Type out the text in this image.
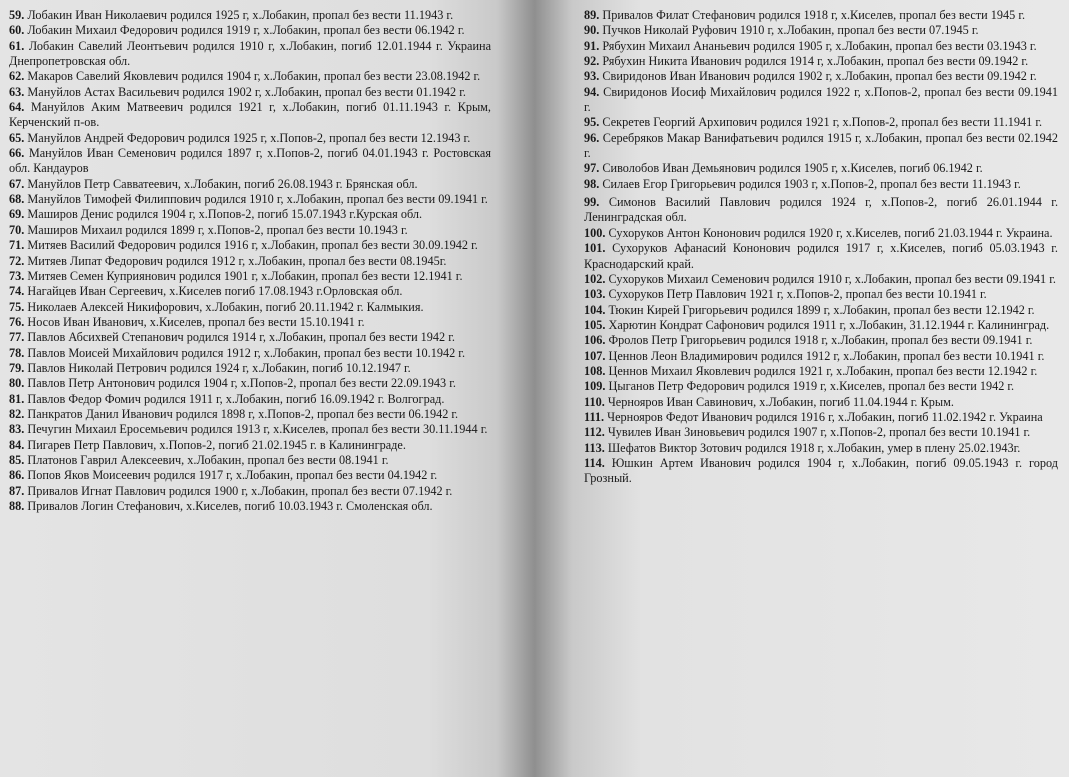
59. Лобакин Иван Николаевич родился 1925 г, х.Лобакин, пропал без вести 11.1943 г.
60. Лобакин Михаил Федорович родился 1919 г, х.Лобакин, пропал без вести 06.1942 г.
61. Лобакин Савелий Леонтьевич родился 1910 г, х.Лобакин, погиб 12.01.1944 г. Украина Днепропетровская обл.
62. Макаров Савелий Яковлевич родился 1904 г, х.Лобакин, пропал без вести 23.08.1942 г.
63. Мануйлов Астах Васильевич родился 1902 г, х.Лобакин, пропал без вести 01.1942 г.
64. Мануйлов Аким Матвеевич родился 1921 г, х.Лобакин, погиб 01.11.1943 г. Крым, Керченский п-ов.
65. Мануйлов Андрей Федорович родился 1925 г, х.Попов-2, пропал без вести 12.1943 г.
66. Мануйлов Иван Семенович родился 1897 г, х.Попов-2, погиб 04.01.1943 г. Ростовская обл. Кандауров
67. Мануйлов Петр Савватеевич, х.Лобакин, погиб 26.08.1943 г. Брянская обл.
68. Мануйлов Тимофей Филиппович родился 1910 г, х.Лобакин, пропал без вести 09.1941 г.
69. Маширов Денис родился 1904 г, х.Попов-2, погиб 15.07.1943 г.Курская обл.
70. Маширов Михаил родился 1899 г, х.Попов-2, пропал без вести 10.1943 г.
71. Митяев Василий Федорович родился 1916 г, х.Лобакин, пропал без вести 30.09.1942 г.
72. Митяев Липат Федорович родился 1912 г, х.Лобакин, пропал без вести 08.1945г.
73. Митяев Семен Куприянович родился 1901 г, х.Лобакин, пропал без вести 12.1941 г.
74. Нагайцев Иван Сергеевич, х.Киселев погиб 17.08.1943 г.Орловская обл.
75. Николаев Алексей Никифорович, х.Лобакин, погиб 20.11.1942 г. Калмыкия.
76. Носов Иван Иванович, х.Киселев, пропал без вести 15.10.1941 г.
77. Павлов Абсихвей Степанович родился 1914 г, х.Лобакин, пропал без вести 1942 г.
78. Павлов Моисей Михайлович родился 1912 г, х.Лобакин, пропал без вести 10.1942 г.
79. Павлов Николай Петрович родился 1924 г, х.Лобакин, погиб 10.12.1947 г.
80. Павлов Петр Антонович родился 1904 г, х.Попов-2, пропал без вести 22.09.1943 г.
81. Павлов Федор Фомич родился 1911 г, х.Лобакин, погиб 16.09.1942 г. Волгоград.
82. Панкратов Данил Иванович родился 1898 г, х.Попов-2, пропал без вести 06.1942 г.
83. Печугин Михаил Еросемьевич родился 1913 г, х.Киселев, пропал без вести 30.11.1944 г.
84. Пигарев Петр Павлович, х.Попов-2, погиб 21.02.1945 г. в Калининграде.
85. Платонов Гаврил Алексеевич, х.Лобакин, пропал без вести 08.1941 г.
86. Попов Яков Моисеевич родился 1917 г, х.Лобакин, пропал без вести 04.1942 г.
87. Привалов Игнат Павлович родился 1900 г, х.Лобакин, пропал без вести 07.1942 г.
88. Привалов Логин Стефанович, х.Киселев, погиб 10.03.1943 г. Смоленская обл.
89. Привалов Филат Стефанович родился 1918 г, х.Киселев, пропал без вести 1945 г.
90. Пучков Николай Руфович 1910 г, х.Лобакин, пропал без вести 07.1945 г.
91. Рябухин Михаил Ананьевич родился 1905 г, х.Лобакин, пропал без вести 03.1943 г.
92. Рябухин Никита Иванович родился 1914 г, х.Лобакин, пропал без вести 09.1942 г.
93. Свиридонов Иван Иванович родился 1902 г, х.Лобакин, пропал без вести 09.1942 г.
94. Свиридонов Иосиф Михайлович родился 1922 г, х.Попов-2, пропал без вести 09.1941 г.
95. Секретев Георгий Архипович родился 1921 г, х.Попов-2, пропал без вести 11.1941 г.
96. Серебряков Макар Ванифатьевич родился 1915 г, х.Лобакин, пропал без вести 02.1942 г.
97. Сиволобов Иван Демьянович родился 1905 г, х.Киселев, погиб 06.1942 г.
98. Силаев Егор Григорьевич родился 1903 г, х.Попов-2, пропал без вести 11.1943 г.
99. Симонов Василий Павлович родился 1924 г, х.Попов-2, погиб 26.01.1944 г. Ленинградская обл.
100. Сухоруков Антон Кононович родился 1920 г, х.Киселев, погиб 21.03.1944 г. Украина.
101. Сухоруков Афанасий Кононович родился 1917 г, х.Киселев, погиб 05.03.1943 г. Краснодарский край.
102. Сухоруков Михаил Семенович родился 1910 г, х.Лобакин, пропал без вести 09.1941 г.
103. Сухоруков Петр Павлович 1921 г, х.Попов-2, пропал без вести 10.1941 г.
104. Тюкин Кирей Григорьевич родился 1899 г, х.Лобакин, пропал без вести 12.1942 г.
105. Харютин Кондрат Сафонович родился 1911 г, х.Лобакин, 31.12.1944 г. Калининград.
106. Фролов Петр Григорьевич родился 1918 г, х.Лобакин, пропал без вести 09.1941 г.
107. Ценнов Леон Владимирович родился 1912 г, х.Лобакин, пропал без вести 10.1941 г.
108. Ценнов Михаил Яковлевич родился 1921 г, х.Лобакин, пропал без вести 12.1942 г.
109. Цыганов Петр Федорович родился 1919 г, х.Киселев, пропал без вести 1942 г.
110. Чернояров Иван Савинович, х.Лобакин, погиб 11.04.1944 г. Крым.
111. Чернояров Федот Иванович родился 1916 г, х.Лобакин, погиб 11.02.1942 г. Украина
112. Чувилев Иван Зиновьевич родился 1907 г, х.Попов-2, пропал без вести 10.1941 г.
113. Шефатов Виктор Зотович родился 1918 г, х.Лобакин, умер в плену 25.02.1943г.
114. Юшкин Артем Иванович родился 1904 г, х.Лобакин, погиб 09.05.1943 г. город Грозный.
